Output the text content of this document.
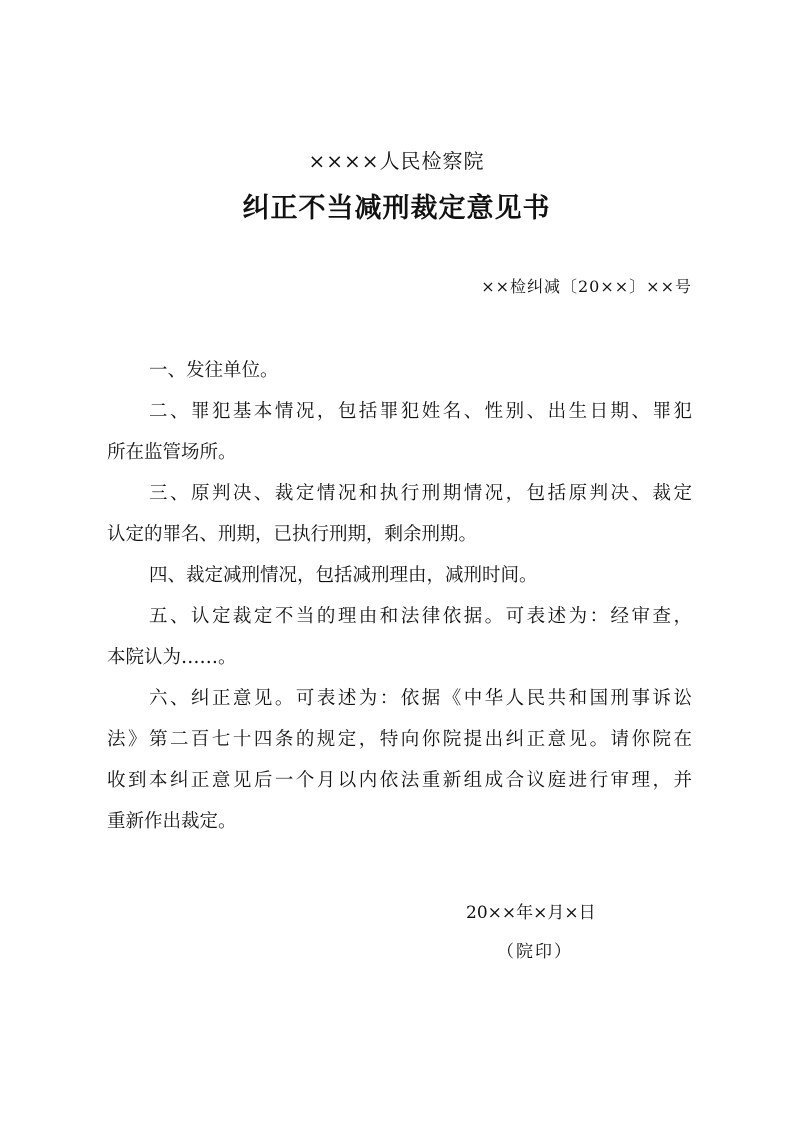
××××人民检察院
纠正不当减刑裁定意见书
××检纠减〔20××〕××号
一、发往单位。
二、罪犯基本情况，包括罪犯姓名、性别、出生日期、罪犯
所在监管场所。
三、原判决、裁定情况和执行刑期情况，包括原判决、裁定
认定的罪名、刑期，已执行刑期，剩余刑期。
四、裁定减刑情况，包括减刑理由，减刑时间。
五、认定裁定不当的理由和法律依据。可表述为：经审查，
本院认为……。
六、纠正意见。可表述为：依据《中华人民共和国刑事诉讼
法》第二百七十四条的规定，特向你院提出纠正意见。请你院在
收到本纠正意见后一个月以内依法重新组成合议庭进行审理，并
重新作出裁定。
20××年×月×日
（院印）
